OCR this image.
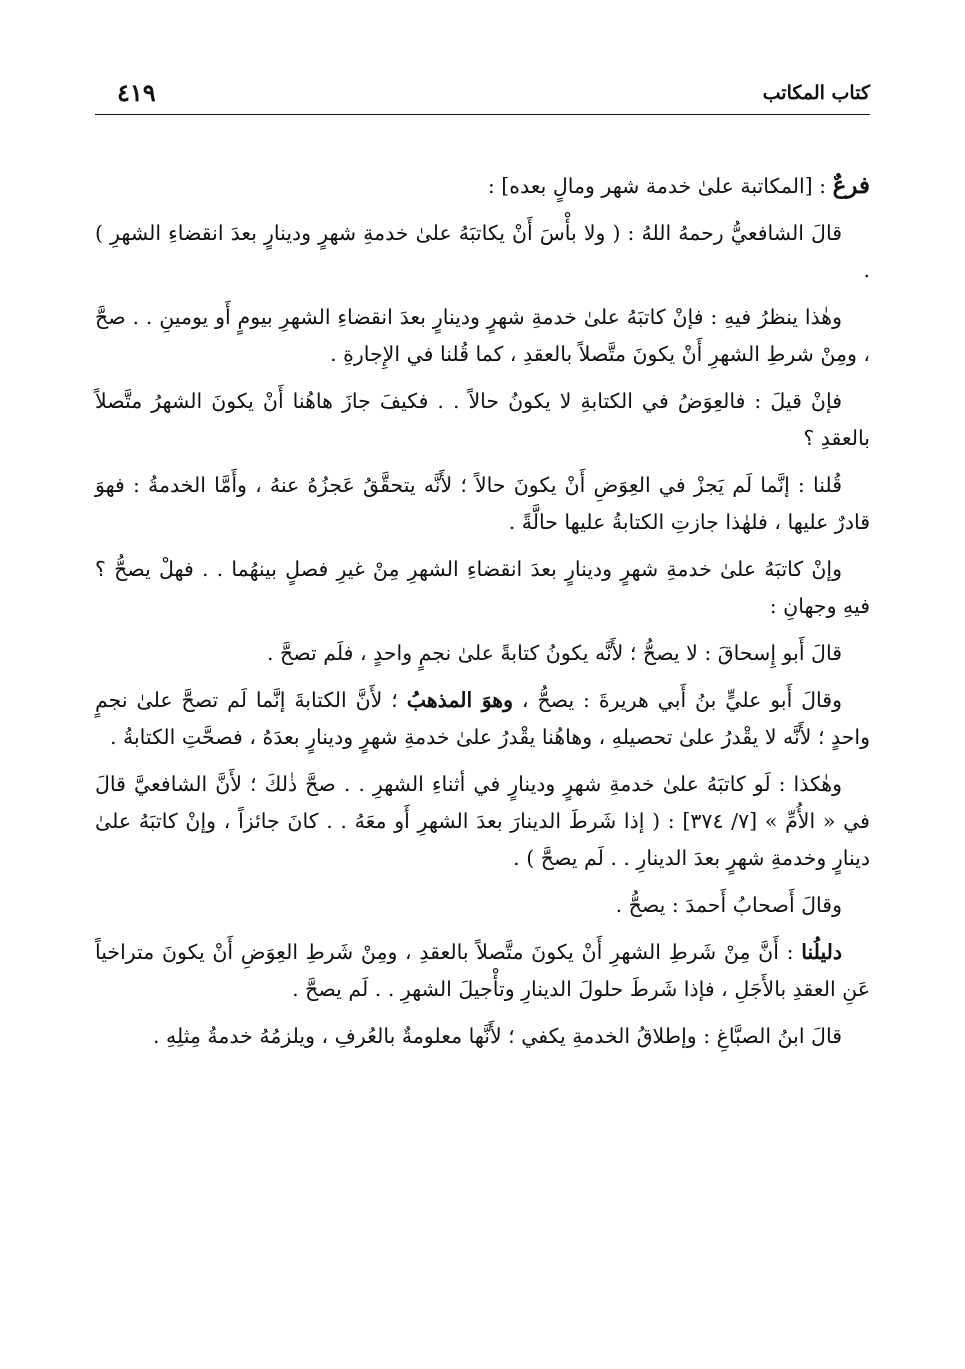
كتاب المكاتب
٤١٩

فرعٌ : [المكاتبة علىٰ خدمة شهر ومالٍ بعده] :

قالَ الشافعيُّ رحمهُ اللهُ : ( ولا بأْسَ أَنْ يكاتبَهُ علىٰ خدمةِ شهرٍ ودينارٍ بعدَ انقضاءِ الشهرِ ) .

وهٰذا ينظرُ فيهِ : فإنْ كاتبَهُ علىٰ خدمةِ شهرٍ ودينارٍ بعدَ انقضاءِ الشهرِ بيومٍ أَو يومينِ . . صحَّ ، ومِنْ شرطِ الشهرِ أَنْ يكونَ متَّصلاً بالعقدِ ، كما قُلنا في الإِجارةِ .

فإنْ قيلَ : فالعِوَضُ في الكتابةِ لا يكونُ حالاً . . فكيفَ جازَ هاهُنا أَنْ يكونَ الشهرُ متَّصلاً بالعقدِ ؟

قُلنا : إنَّما لَم يَجزْ في العِوَضِ أَنْ يكونَ حالاً ؛ لأَنَّه يتحقَّقُ عَجزُهُ عنهُ ، وأَمَّا الخدمةُ : فهوَ قادرٌ عليها ، فلهٰذا جازتِ الكتابةُ عليها حالَّةً .

وإنْ كاتبَهُ علىٰ خدمةِ شهرٍ ودينارٍ بعدَ انقضاءِ الشهرِ مِنْ غيرِ فصلٍ بينهُما . . فهلْ يصحُّ ؟ فيهِ وجهانِ :

قالَ أَبو إِسحاقَ : لا يصحُّ ؛ لأَنَّه يكونُ كتابةً علىٰ نجمٍ واحدٍ ، فلَم تصحَّ .

وقالَ أَبو عليٍّ بنُ أَبي هريرةَ : يصحُّ ، وهوَ المذهبُ ؛ لأَنَّ الكتابةَ إنَّما لَم تصحَّ علىٰ نجمٍ واحدٍ ؛ لأَنَّه لا يقْدرُ علىٰ تحصيلهِ ، وهاهُنا يقْدرُ علىٰ خدمةِ شهرٍ ودينارٍ بعدَهُ ، فصحَّتِ الكتابةُ .

وهٰكذا : لَو كاتبَهُ علىٰ خدمةِ شهرٍ ودينارٍ في أثناءِ الشهرِ . . صحَّ ذٰلكَ ؛ لأَنَّ الشافعيَّ قالَ في « الأُمِّ » [٧/ ٣٧٤] : ( إذا شَرطَ الدينارَ بعدَ الشهرِ أَو معَهُ . . كانَ جائزاً ، وإنْ كاتبَهُ علىٰ دينارٍ وخدمةِ شهرٍ بعدَ الدينارِ . . لَم يصحَّ ) .

وقالَ أَصحابُ أَحمدَ : يصحُّ .

دليلُنا : أَنَّ مِنْ شَرطِ الشهرِ أَنْ يكونَ متَّصلاً بالعقدِ ، ومِنْ شَرطِ العِوَضِ أَنْ يكونَ متراخياً عَنِ العقدِ بالأَجَلِ ، فإذا شَرطَ حلولَ الدينارِ وتأْجيلَ الشهرِ . . لَم يصحَّ .

قالَ ابنُ الصبَّاغِ : وإطلاقُ الخدمةِ يكفي ؛ لأَنَّها معلومةٌ بالعُرفِ ، ويلزمُهُ خدمةُ مِثلِهِ .
